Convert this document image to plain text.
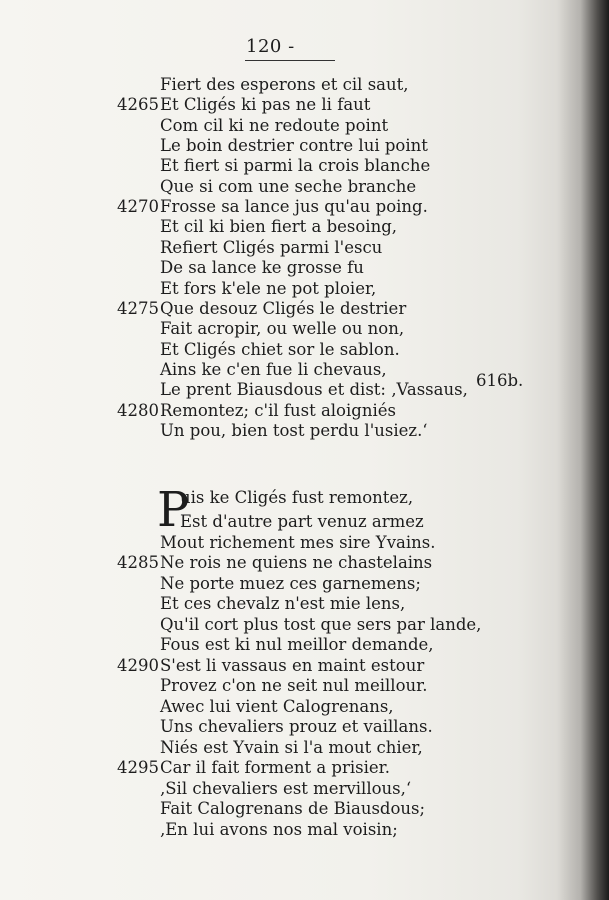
120 -
Fiert des esperons et cil saut,
4265 Et Cligés ki pas ne li faut
Com cil ki ne redoute point
Le boin destrier contre lui point
Et fiert si parmi la crois blanche
Que si com une seche branche
4270 Frosse sa lance jus qu'au poing.
Et cil ki bien fiert a besoing,
Refiert Cligés parmi l'escu
De sa lance ke grosse fu
Et fors k'ele ne pot ploier,
4275 Que desouz Cligés le destrier
Fait acropir, ou welle ou non,
Et Cligés chiet sor le sablon.
Ains ke c'en fue li chevaus,
Le prent Biausdous et dist: ‚Vassaus,
4280 Remontez; c'il fust aloigniés
Un pou, bien tost perdu l'usiez.‘
616b.
P
uis ke Cligés fust remontez,
Est d'autre part venuz armez
Mout richement mes sire Yvains.
4285 Ne rois ne quiens ne chastelains
Ne porte muez ces garnemens;
Et ces chevalz n'est mie lens,
Qu'il cort plus tost que sers par lande,
Fous est ki nul meillor demande,
4290 S'est li vassaus en maint estour
Provez c'on ne seit nul meillour.
Awec lui vient Calogrenans,
Uns chevaliers prouz et vaillans.
Niés est Yvain si l'a mout chier,
4295 Car il fait forment a prisier.
‚Sil chevaliers est mervillous,‘
Fait Calogrenans de Biausdous;
‚En lui avons nos mal voisin;
